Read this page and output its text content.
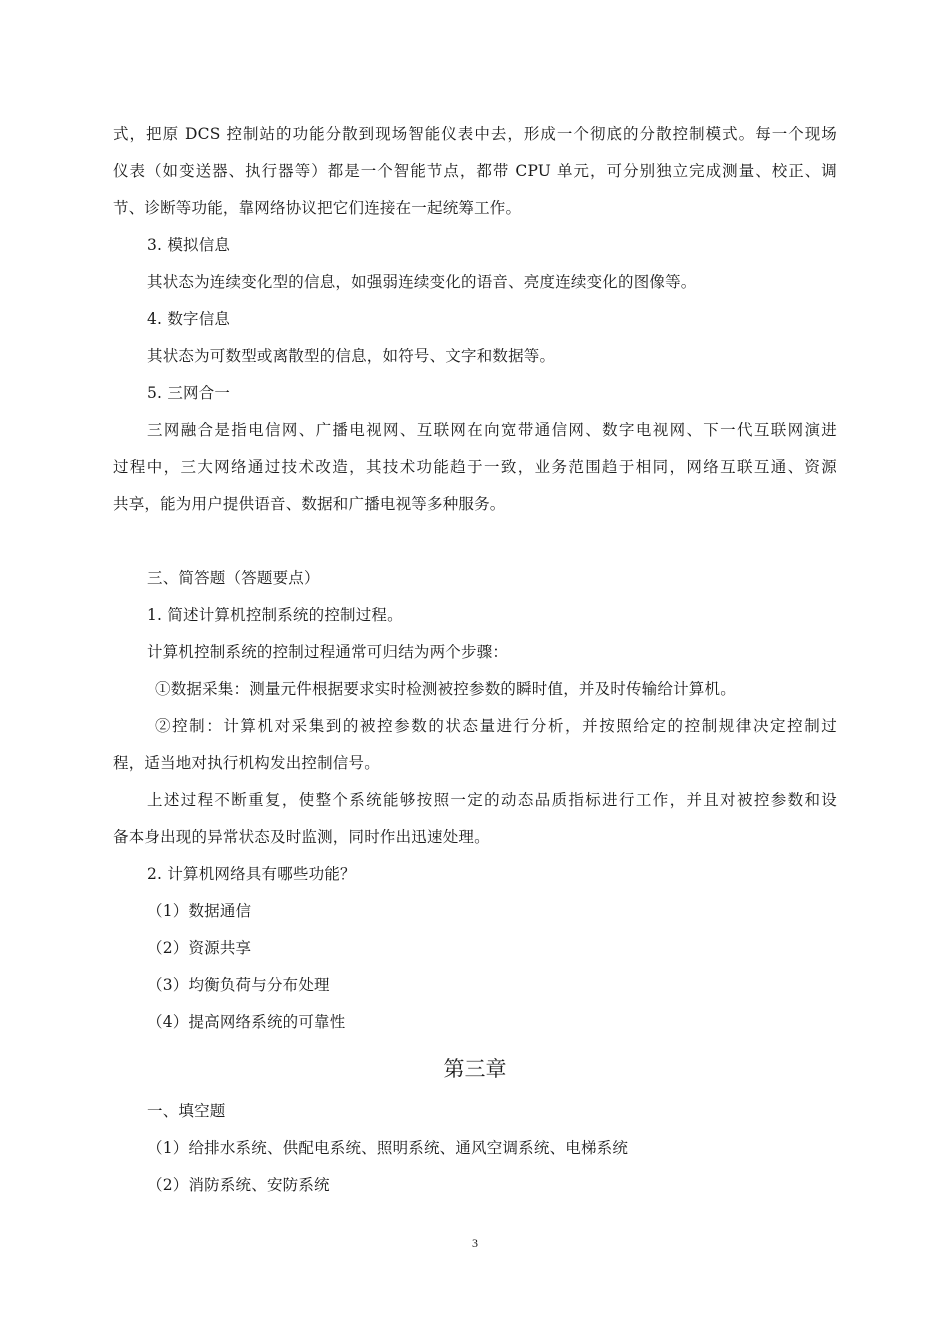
式，把原 DCS 控制站的功能分散到现场智能仪表中去，形成一个彻底的分散控制模式。每一个现场
仪表（如变送器、执行器等）都是一个智能节点，都带 CPU 单元，可分别独立完成测量、校正、调
节、诊断等功能，靠网络协议把它们连接在一起统筹工作。
3. 模拟信息
其状态为连续变化型的信息，如强弱连续变化的语音、亮度连续变化的图像等。
4. 数字信息
其状态为可数型或离散型的信息，如符号、文字和数据等。
5. 三网合一
三网融合是指电信网、广播电视网、互联网在向宽带通信网、数字电视网、下一代互联网演进
过程中，三大网络通过技术改造，其技术功能趋于一致，业务范围趋于相同，网络互联互通、资源
共享，能为用户提供语音、数据和广播电视等多种服务。
三、简答题（答题要点）
1. 简述计算机控制系统的控制过程。
计算机控制系统的控制过程通常可归结为两个步骤：
①数据采集：测量元件根据要求实时检测被控参数的瞬时值，并及时传输给计算机。
②控制：计算机对采集到的被控参数的状态量进行分析，并按照给定的控制规律决定控制过
程，适当地对执行机构发出控制信号。
上述过程不断重复，使整个系统能够按照一定的动态品质指标进行工作，并且对被控参数和设
备本身出现的异常状态及时监测，同时作出迅速处理。
2. 计算机网络具有哪些功能？
（1）数据通信
（2）资源共享
（3）均衡负荷与分布处理
（4）提高网络系统的可靠性
第三章
一、填空题
（1）给排水系统、供配电系统、照明系统、通风空调系统、电梯系统
（2）消防系统、安防系统
3
